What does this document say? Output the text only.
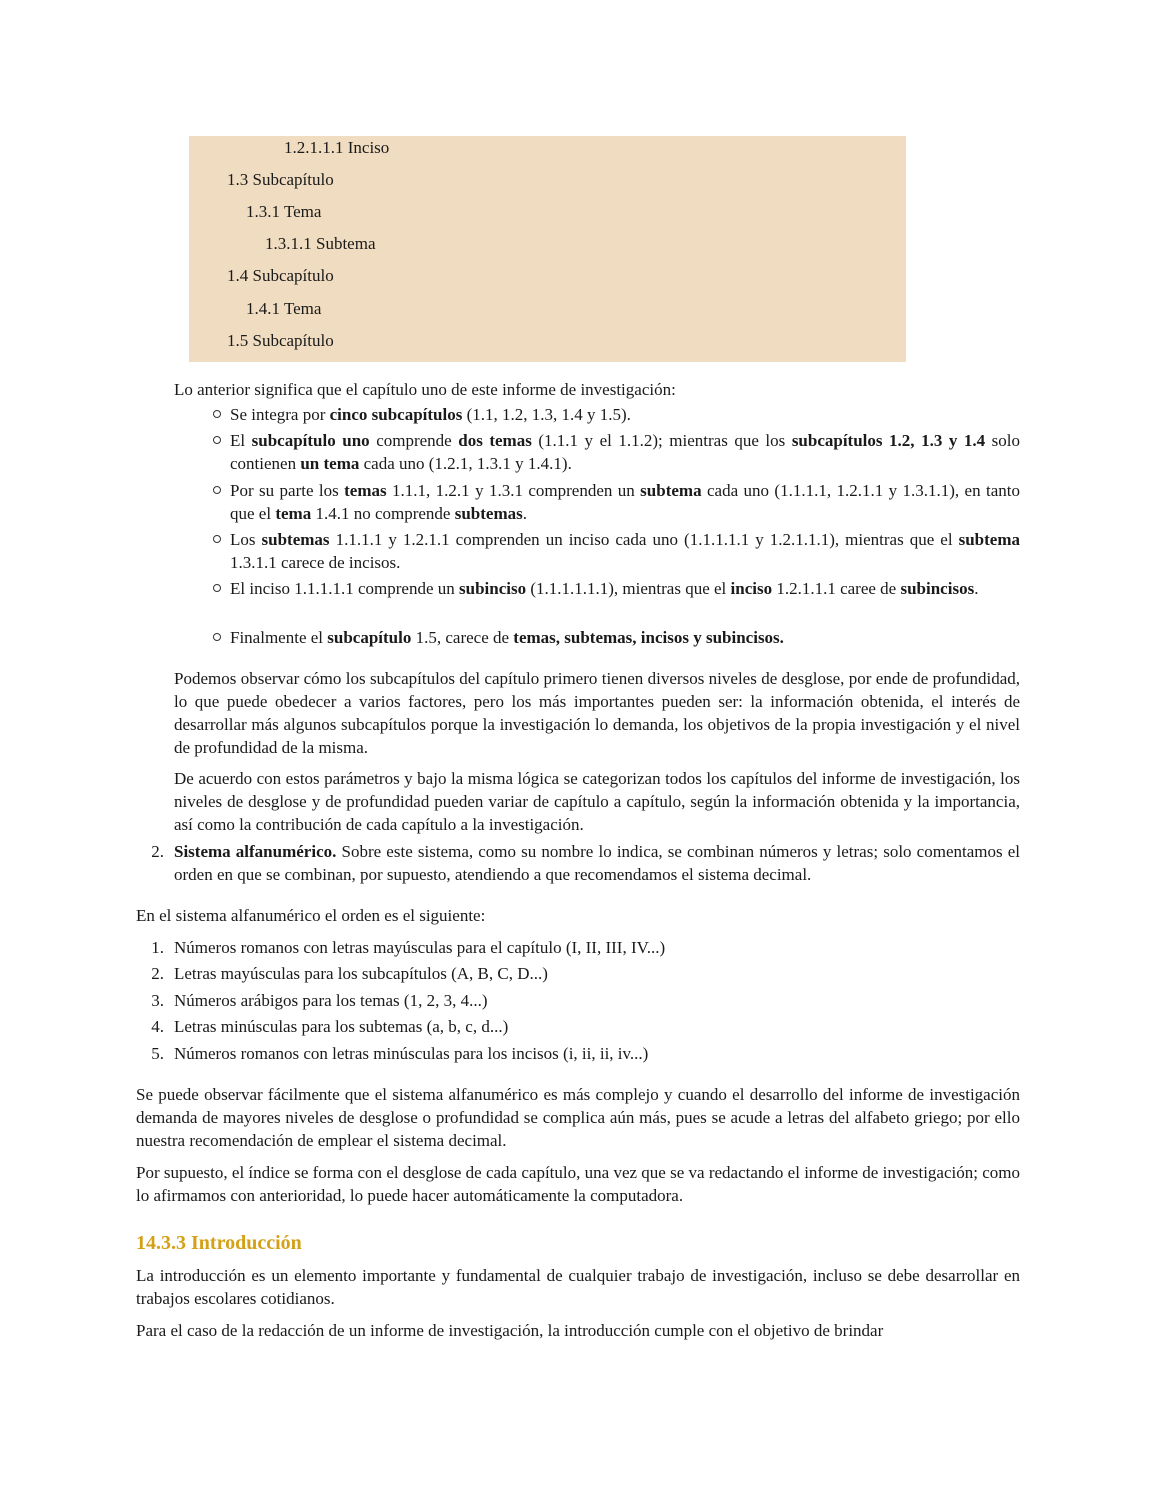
1.2.1.1.1 Inciso
1.3 Subcapítulo
1.3.1 Tema
1.3.1.1 Subtema
1.4 Subcapítulo
1.4.1 Tema
1.5 Subcapítulo
Lo anterior significa que el capítulo uno de este informe de investigación:
Se integra por cinco subcapítulos (1.1, 1.2, 1.3, 1.4 y 1.5).
El subcapítulo uno comprende dos temas (1.1.1 y el 1.1.2); mientras que los subcapítulos 1.2, 1.3 y 1.4 solo contienen un tema cada uno (1.2.1, 1.3.1 y 1.4.1).
Por su parte los temas 1.1.1, 1.2.1 y 1.3.1 comprenden un subtema cada uno (1.1.1.1, 1.2.1.1 y 1.3.1.1), en tanto que el tema 1.4.1 no comprende subtemas.
Los subtemas 1.1.1.1 y 1.2.1.1 comprenden un inciso cada uno (1.1.1.1.1 y 1.2.1.1.1), mientras que el subtema 1.3.1.1 carece de incisos.
El inciso 1.1.1.1.1 comprende un subinciso (1.1.1.1.1.1), mientras que el inciso 1.2.1.1.1 caree de subincisos.
Finalmente el subcapítulo 1.5, carece de temas, subtemas, incisos y subincisos.
Podemos observar cómo los subcapítulos del capítulo primero tienen diversos niveles de desglose, por ende de profundidad, lo que puede obedecer a varios factores, pero los más importantes pueden ser: la información obtenida, el interés de desarrollar más algunos subcapítulos porque la investigación lo demanda, los objetivos de la propia investigación y el nivel de profundidad de la misma.
De acuerdo con estos parámetros y bajo la misma lógica se categorizan todos los capítulos del informe de investigación, los niveles de desglose y de profundidad pueden variar de capítulo a capítulo, según la información obtenida y la importancia, así como la contribución de cada capítulo a la investigación.
2. Sistema alfanumérico. Sobre este sistema, como su nombre lo indica, se combinan números y letras; solo comentamos el orden en que se combinan, por supuesto, atendiendo a que recomendamos el sistema decimal.
En el sistema alfanumérico el orden es el siguiente:
1. Números romanos con letras mayúsculas para el capítulo (I, II, III, IV...)
2. Letras mayúsculas para los subcapítulos (A, B, C, D...)
3. Números arábigos para los temas (1, 2, 3, 4...)
4. Letras minúsculas para los subtemas (a, b, c, d...)
5. Números romanos con letras minúsculas para los incisos (i, ii, ii, iv...)
Se puede observar fácilmente que el sistema alfanumérico es más complejo y cuando el desarrollo del informe de investigación demanda de mayores niveles de desglose o profundidad se complica aún más, pues se acude a letras del alfabeto griego; por ello nuestra recomendación de emplear el sistema decimal.
Por supuesto, el índice se forma con el desglose de cada capítulo, una vez que se va redactando el informe de investigación; como lo afirmamos con anterioridad, lo puede hacer automáticamente la computadora.
14.3.3 Introducción
La introducción es un elemento importante y fundamental de cualquier trabajo de investigación, incluso se debe desarrollar en trabajos escolares cotidianos.
Para el caso de la redacción de un informe de investigación, la introducción cumple con el objetivo de brindar
